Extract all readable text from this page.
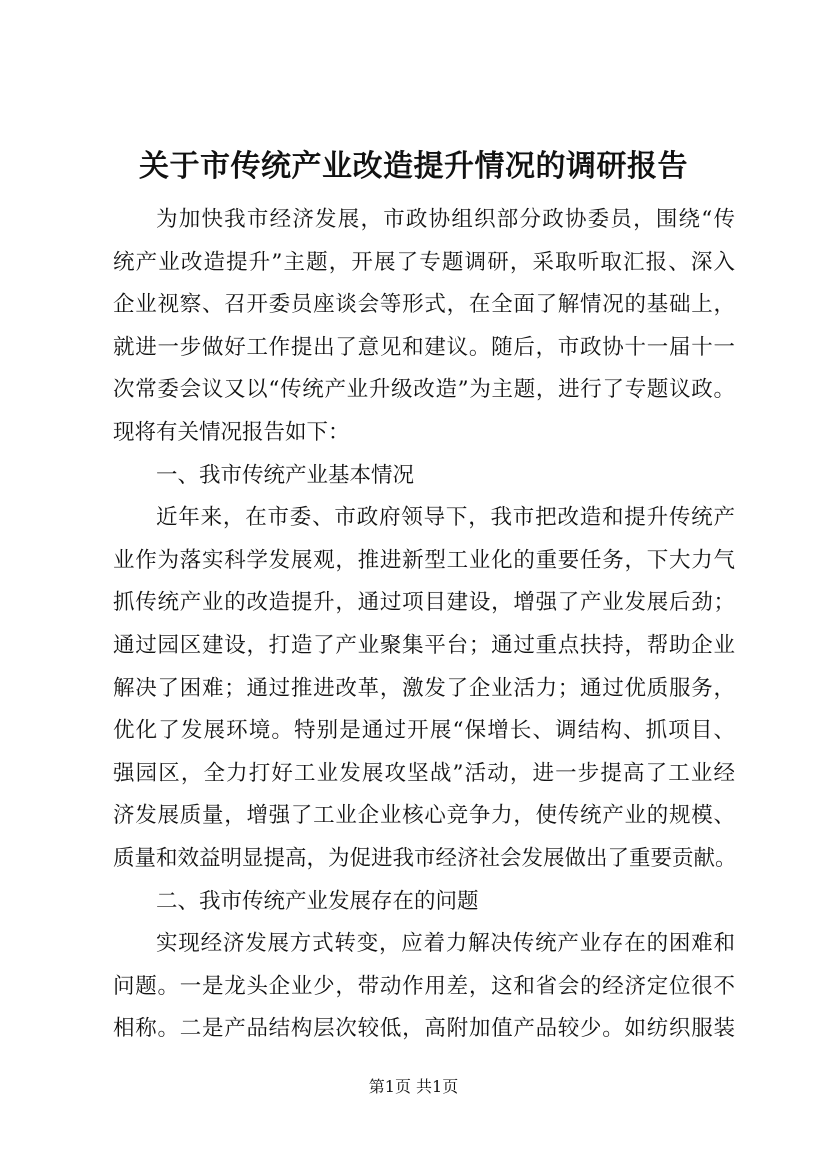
关于市传统产业改造提升情况的调研报告
为加快我市经济发展，市政协组织部分政协委员，围绕“传
统产业改造提升”主题，开展了专题调研，采取听取汇报、深入
企业视察、召开委员座谈会等形式，在全面了解情况的基础上，
就进一步做好工作提出了意见和建议。随后，市政协十一届十一
次常委会议又以“传统产业升级改造”为主题，进行了专题议政。
现将有关情况报告如下：
一、我市传统产业基本情况
近年来，在市委、市政府领导下，我市把改造和提升传统产
业作为落实科学发展观，推进新型工业化的重要任务，下大力气
抓传统产业的改造提升，通过项目建设，增强了产业发展后劲；
通过园区建设，打造了产业聚集平台；通过重点扶持，帮助企业
解决了困难；通过推进改革，激发了企业活力；通过优质服务，
优化了发展环境。特别是通过开展“保增长、调结构、抓项目、
强园区，全力打好工业发展攻坚战”活动，进一步提高了工业经
济发展质量，增强了工业企业核心竞争力，使传统产业的规模、
质量和效益明显提高，为促进我市经济社会发展做出了重要贡献。
二、我市传统产业发展存在的问题
实现经济发展方式转变，应着力解决传统产业存在的困难和
问题。一是龙头企业少，带动作用差，这和省会的经济定位很不
相称。二是产品结构层次较低，高附加值产品较少。如纺织服装
第1页 共1页
